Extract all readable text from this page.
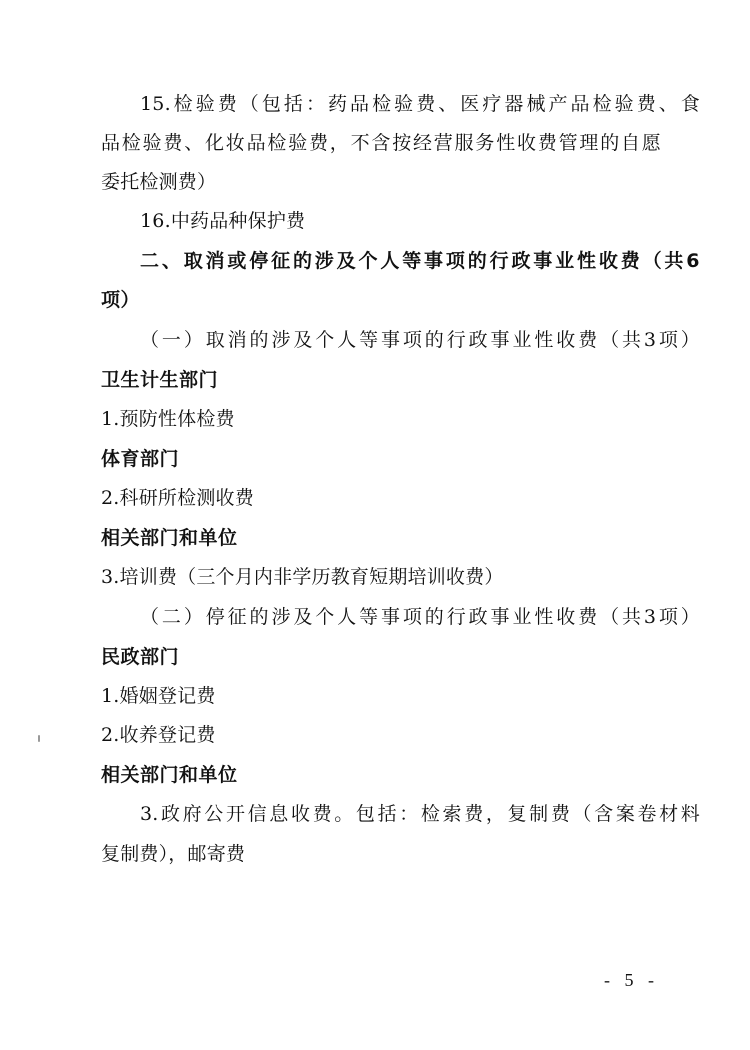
15.检验费（包括：药品检验费、医疗器械产品检验费、食
品检验费、化妆品检验费，不含按经营服务性收费管理的自愿
委托检测费）
16.中药品种保护费
二、取消或停征的涉及个人等事项的行政事业性收费（共6
项）
（一）取消的涉及个人等事项的行政事业性收费（共3项）
卫生计生部门
1.预防性体检费
体育部门
2.科研所检测收费
相关部门和单位
3.培训费（三个月内非学历教育短期培训收费）
（二）停征的涉及个人等事项的行政事业性收费（共3项）
民政部门
1.婚姻登记费
2.收养登记费
相关部门和单位
3.政府公开信息收费。包括：检索费，复制费（含案卷材料
复制费），邮寄费
- 5 -
